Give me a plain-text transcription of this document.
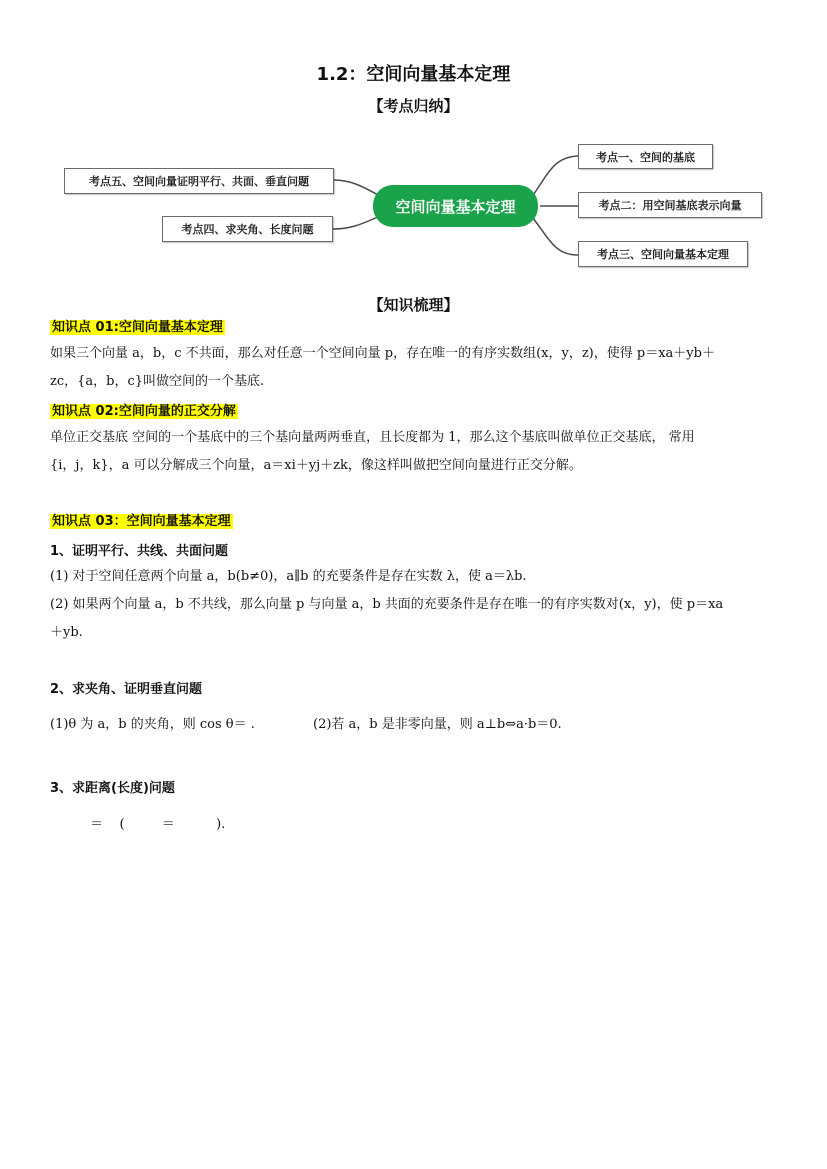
1.2：空间向量基本定理
【考点归纳】
空间向量基本定理
考点一、空间的基底
考点二：用空间基底表示向量
考点三、空间向量基本定理
考点五、空间向量证明平行、共面、垂直问题
考点四、求夹角、长度问题
【知识梳理】
知识点 01:空间向量基本定理
如果三个向量 a，b，c 不共面，那么对任意一个空间向量 p，存在唯一的有序实数组(x，y，z)，使得 p＝xa＋yb＋
zc，{a，b，c}叫做空间的一个基底.
知识点 02:空间向量的正交分解
单位正交基底 空间的一个基底中的三个基向量两两垂直，且长度都为 1，那么这个基底叫做单位正交基底， 常用
{i，j，k}，a 可以分解成三个向量，a＝xi＋yj＋zk，像这样叫做把空间向量进行正交分解。
知识点 03：空间向量基本定理
1、证明平行、共线、共面问题
(1) 对于空间任意两个向量 a，b(b≠0)，a∥b 的充要条件是存在实数 λ，使 a＝λb.
(2) 如果两个向量 a，b 不共线，那么向量 p 与向量 a，b 共面的充要条件是存在唯一的有序实数对(x，y)，使 p＝xa
＋yb.
2、求夹角、证明垂直问题
(1)θ 为 a，b 的夹角，则 cos θ＝ .	(2)若 a，b 是非零向量，则 a⊥b⇔a·b＝0.
3、求距离(长度)问题
＝    (         ＝          ).
